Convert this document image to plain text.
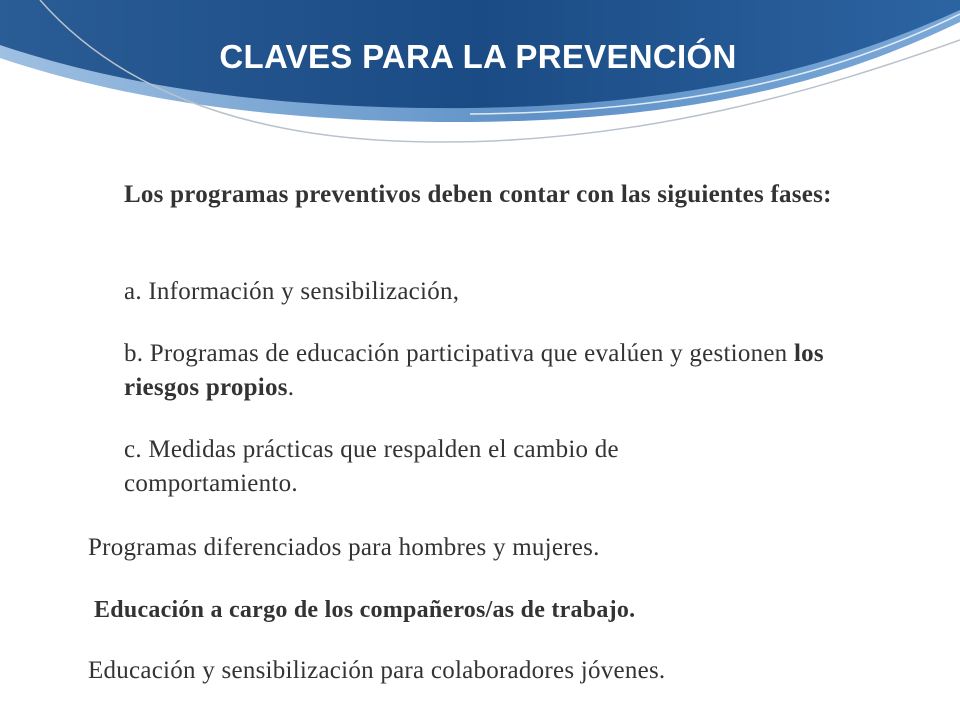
CLAVES PARA LA PREVENCIÓN

Los programas preventivos deben contar con las siguientes fases:

a. Información y sensibilización,

b. Programas de educación participativa que evalúen y gestionen los riesgos propios.

c. Medidas prácticas que respalden el cambio de comportamiento.

Programas diferenciados para hombres y mujeres.

Educación a cargo de los compañeros/as de trabajo.

Educación y sensibilización para colaboradores jóvenes.
